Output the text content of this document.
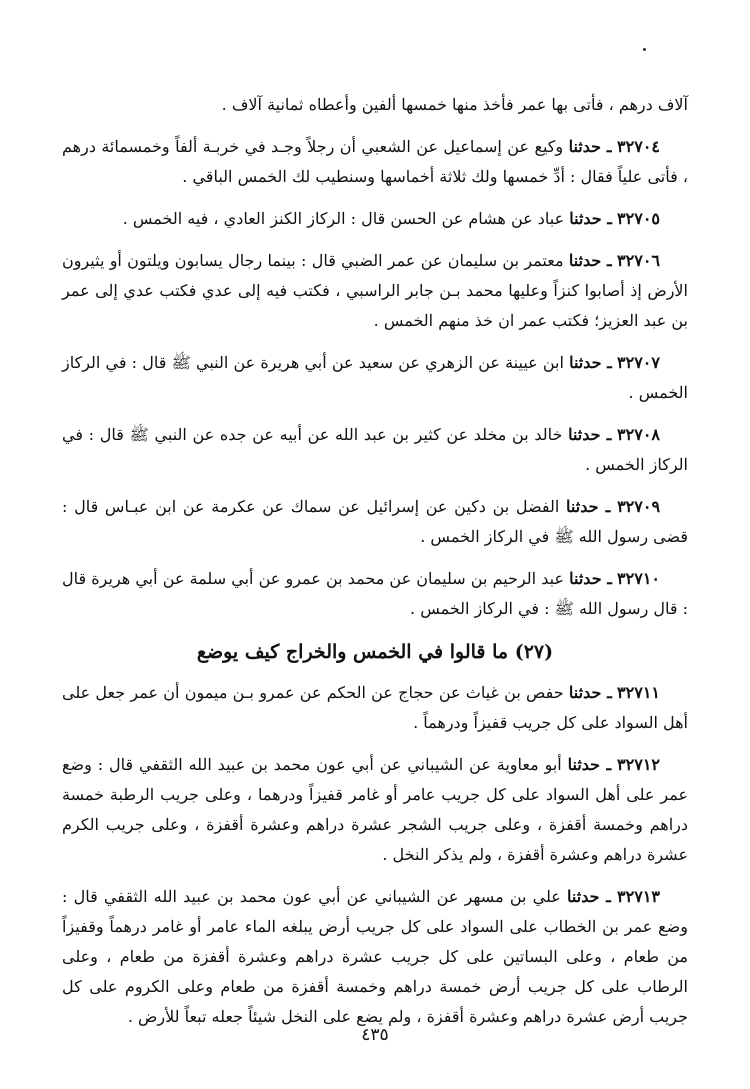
آلاف درهم ، فأتى بها عمر فأخذ منها خمسها ألفين وأعطاه ثمانية آلاف .

٣٢٧٠٤ ـ حدثنا وكيع عن إسماعيل عن الشعبي أن رجلاً وجـد في خربـة ألفاً وخمسمائة درهم ، فأتى علياً فقال : أدِّ خمسها ولك ثلاثة أخماسها وسنطيب لك الخمس الباقي .

٣٢٧٠٥ ـ حدثنا عباد عن هشام عن الحسن قال : الركاز الكنز العادي ، فيه الخمس .

٣٢٧٠٦ ـ حدثنا معتمر بن سليمان عن عمر الضبي قال : بينما رجال يسابون ويلتون أو يثيرون الأرض إذ أصابوا كنزاً وعليها محمد بـن جابر الراسبي ، فكتب فيه إلى عدي فكتب عدي إلى عمر بن عبد العزيز؛ فكتب عمر ان خذ منهم الخمس .

٣٢٧٠٧ ـ حدثنا ابن عيينة عن الزهري عن سعيد عن أبي هريرة عن النبي ﷺ قال : في الركاز الخمس .

٣٢٧٠٨ ـ حدثنا خالد بن مخلد عن كثير بن عبد الله عن أبيه عن جده عن النبي ﷺ قال : في الركاز الخمس .

٣٢٧٠٩ ـ حدثنا الفضل بن دكين عن إسرائيل عن سماك عن عكرمة عن ابن عبـاس قال : قضى رسول الله ﷺ في الركاز الخمس .

٣٢٧١٠ ـ حدثنا عبد الرحيم بن سليمان عن محمد بن عمرو عن أبي سلمة عن أبي هريرة قال : قال رسول الله ﷺ : في الركاز الخمس .

(٢٧) ما قالوا في الخمس والخراج كيف يوضع

٣٢٧١١ ـ حدثنا حفص بن غياث عن حجاج عن الحكم عن عمرو بـن ميمون أن عمر جعل على أهل السواد على كل جريب قفيزاً ودرهماً .

٣٢٧١٢ ـ حدثنا أبو معاوية عن الشيباني عن أبي عون محمد بن عبيد الله الثقفي قال : وضع عمر على أهل السواد على كل جريب عامر أو غامر قفيزاً ودرهما ، وعلى جريب الرطبة خمسة دراهم وخمسة أقفزة ، وعلى جريب الشجر عشرة دراهم وعشرة أقفزة ، وعلى جريب الكرم عشرة دراهم وعشرة أقفزة ، ولم يذكر النخل .

٣٢٧١٣ ـ حدثنا علي بن مسهر عن الشيباني عن أبي عون محمد بن عبيد الله الثقفي قال : وضع عمر بن الخطاب على السواد على كل جريب أرض يبلغه الماء عامر أو غامر درهماً وقفيزاً من طعام ، وعلى البساتين على كل جريب عشرة دراهم وعشرة أقفزة من طعام ، وعلى الرطاب على كل جريب أرض خمسة دراهم وخمسة أقفزة من طعام وعلى الكروم على كل جريب أرض عشرة دراهم وعشرة أقفزة ، ولم يضع على النخل شيئاً جعله تبعاً للأرض .

٤٣٥
